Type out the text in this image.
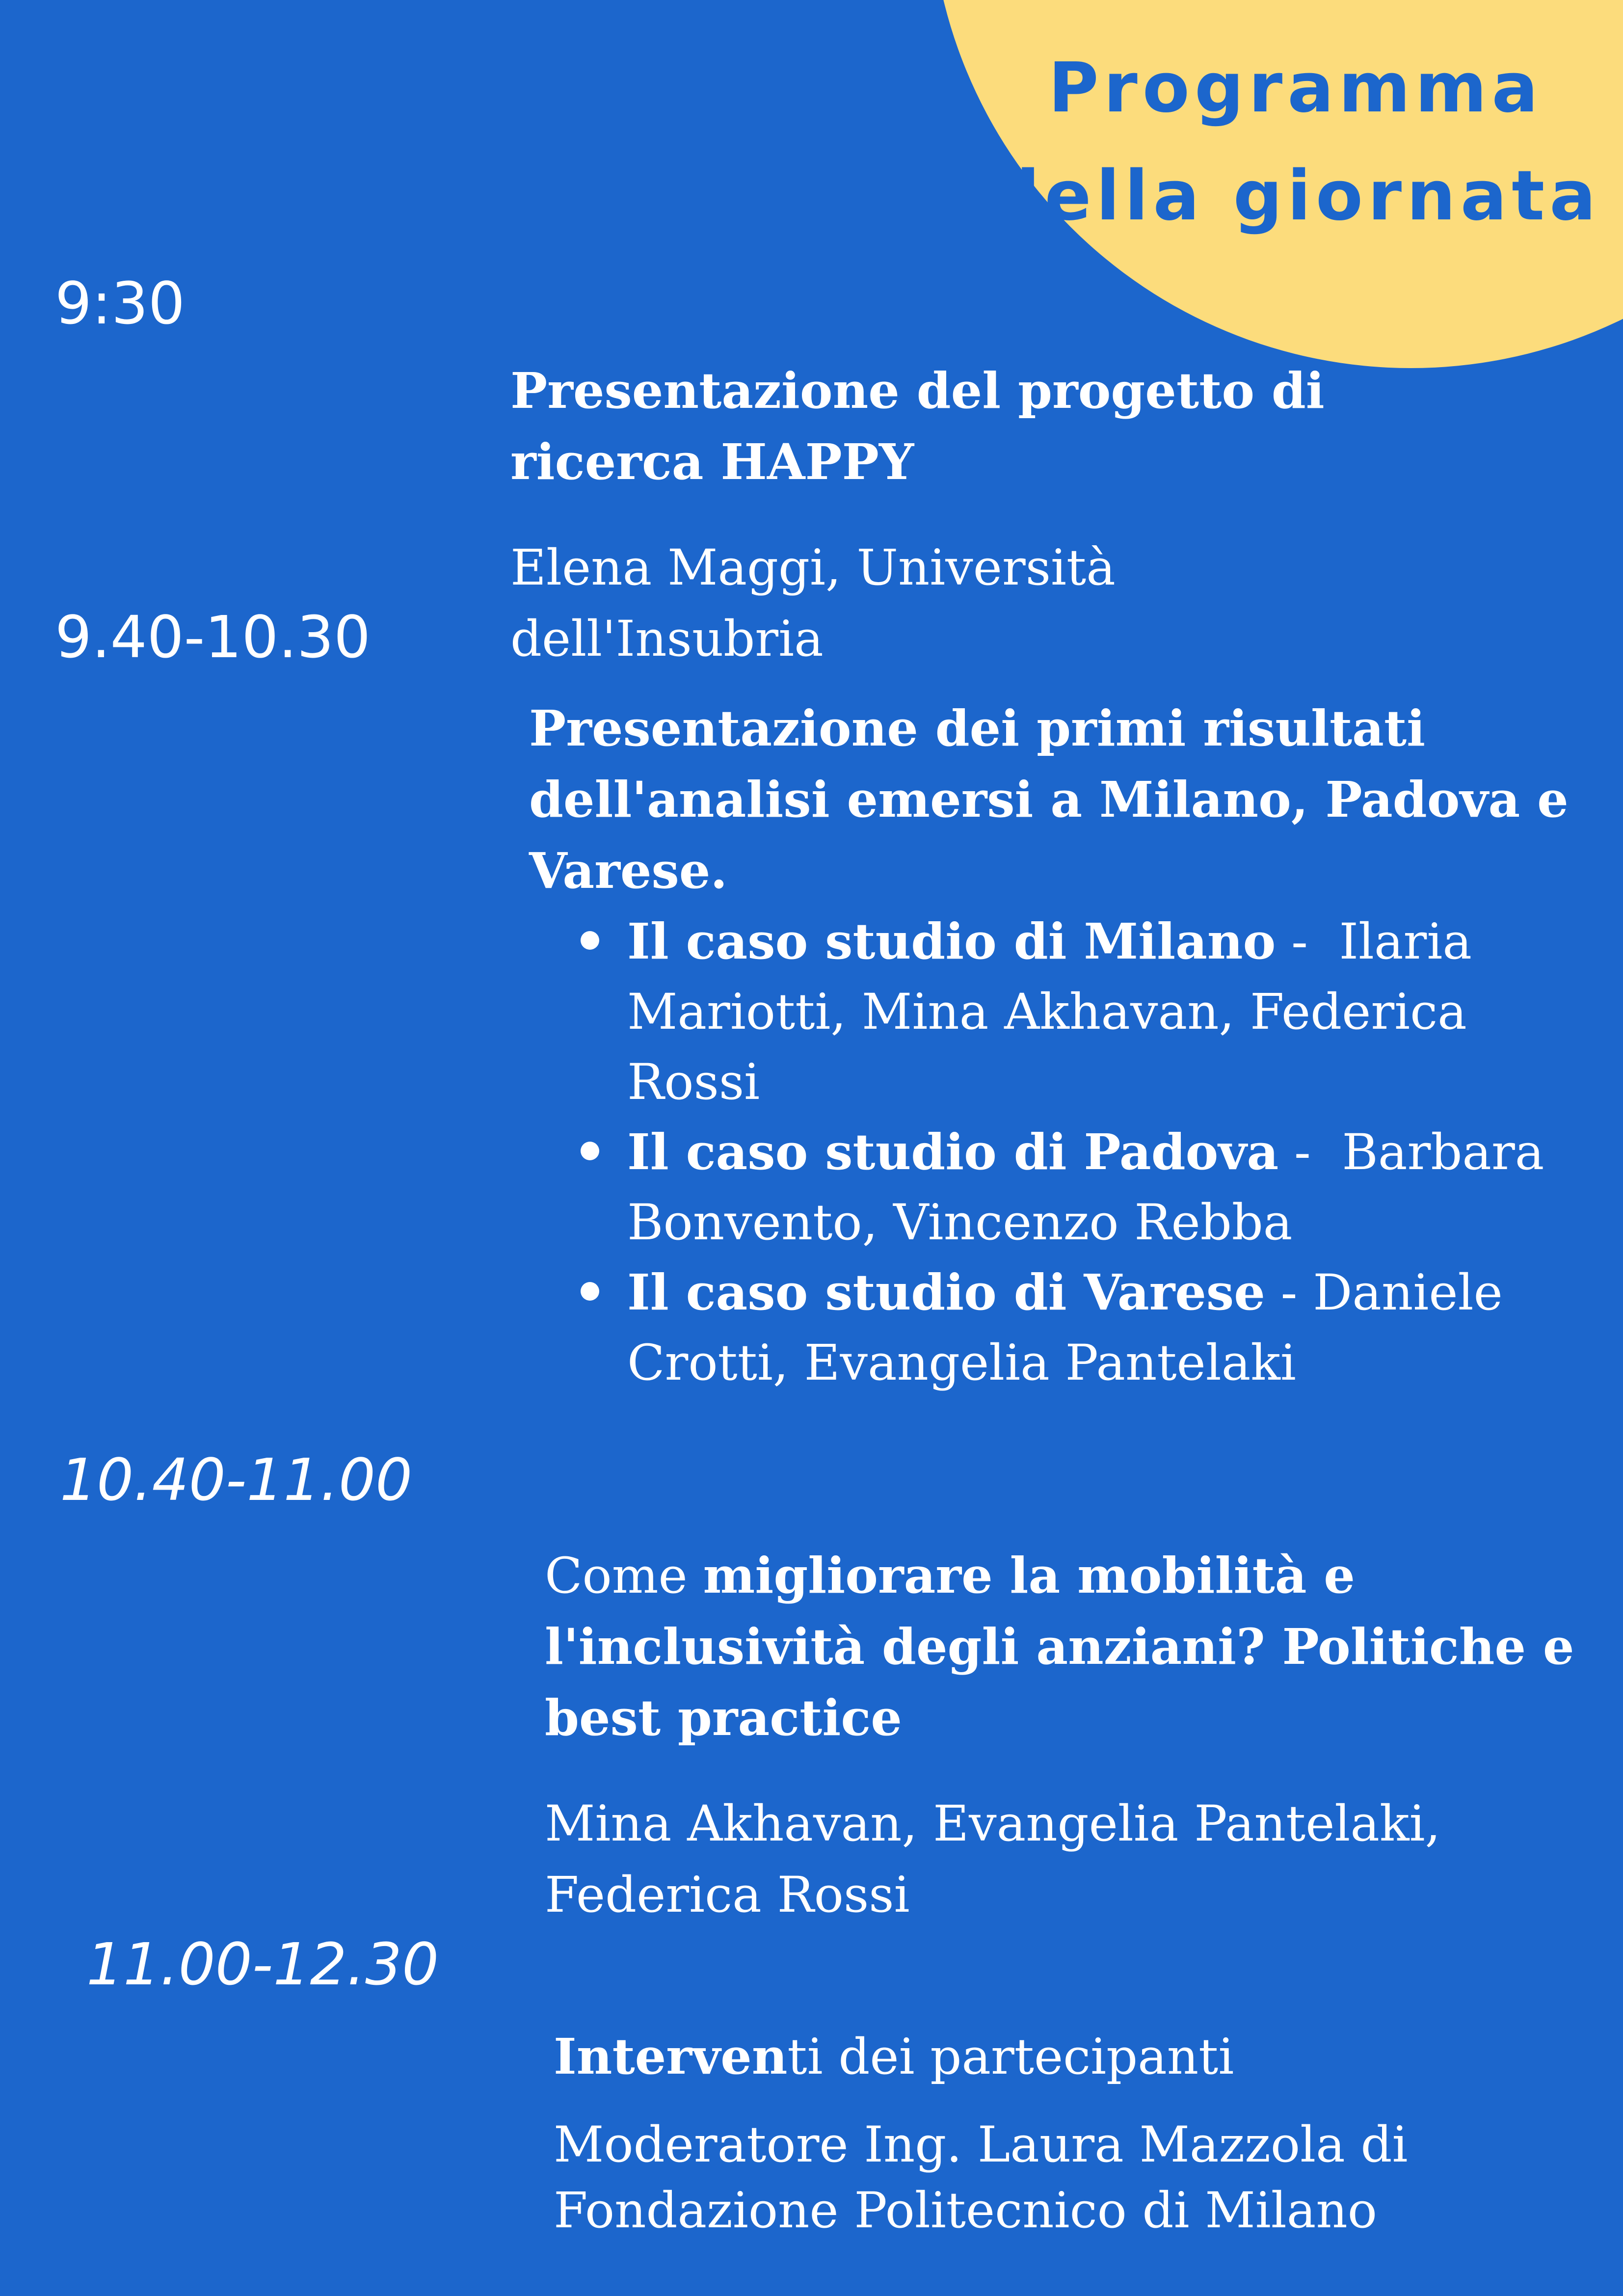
Programma
della giornata
9:30

Presentazione del progetto di ricerca HAPPY

Elena Maggi, Università dell'Insubria

9.40-10.30

Presentazione dei primi risultati dell'analisi emersi a Milano, Padova e Varese.

Il caso studio di Milano -  Ilaria Mariotti, Mina Akhavan, Federica Rossi
Il caso studio di Padova -  Barbara Bonvento, Vincenzo Rebba
Il caso studio di Varese - Daniele Crotti, Evangelia Pantelaki
10.40-11.00

Come migliorare la mobilità e l'inclusività degli anziani? Politiche e best practice

Mina Akhavan, Evangelia Pantelaki, Federica Rossi

11.00-12.30

Interventi dei partecipanti

Moderatore Ing. Laura Mazzola di Fondazione Politecnico di Milano
